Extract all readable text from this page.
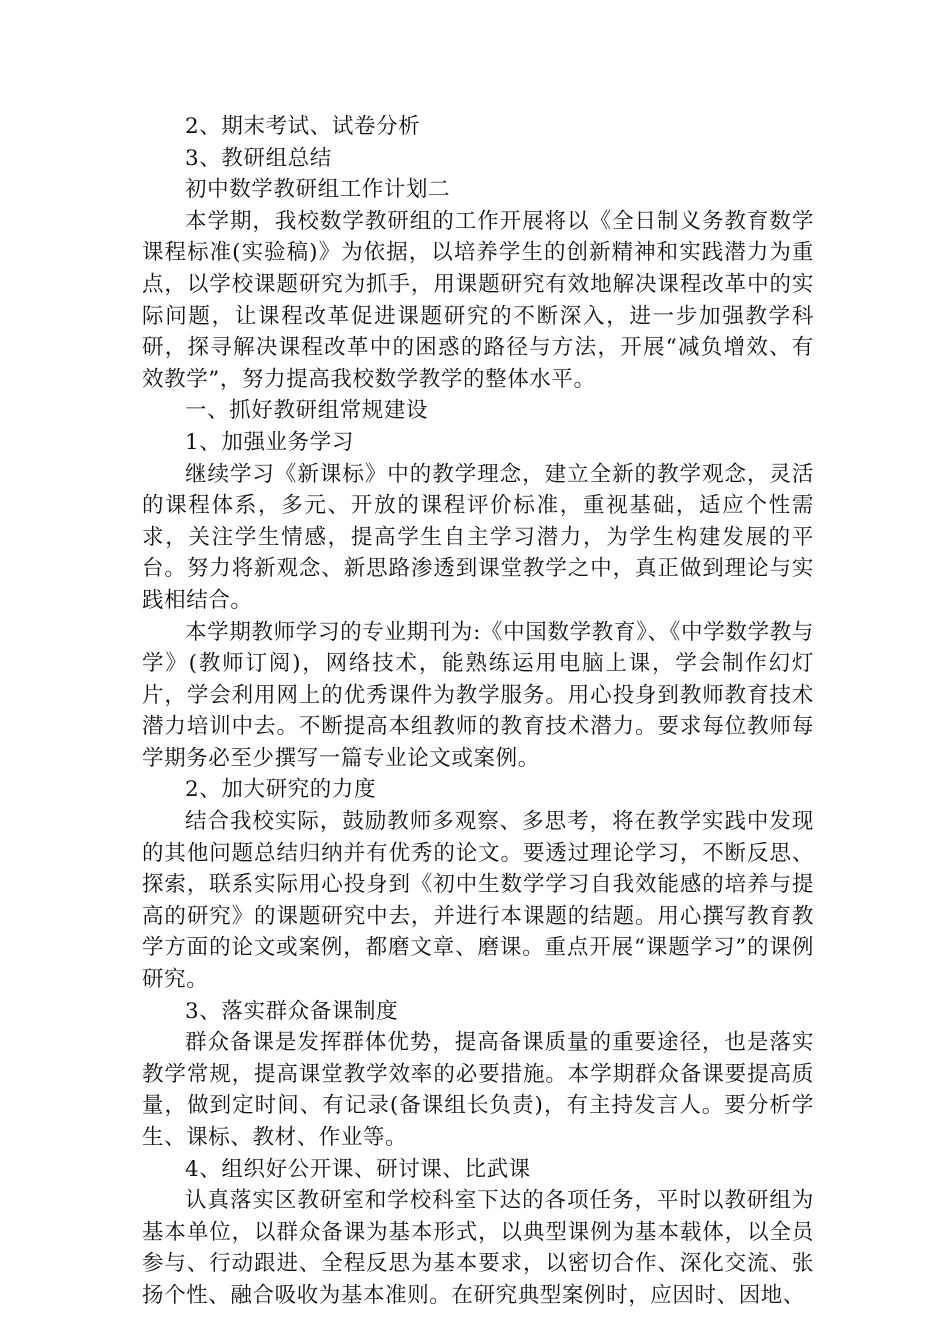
2、期末考试、试卷分析

3、教研组总结

初中数学教研组工作计划二

本学期，我校数学教研组的工作开展将以《全日制义务教育数学课程标准(实验稿)》为依据，以培养学生的创新精神和实践潜力为重点，以学校课题研究为抓手，用课题研究有效地解决课程改革中的实际问题，让课程改革促进课题研究的不断深入，进一步加强教学科研，探寻解决课程改革中的困惑的路径与方法，开展“减负增效、有效教学”，努力提高我校数学教学的整体水平。

一、抓好教研组常规建设

1、加强业务学习

继续学习《新课标》中的教学理念，建立全新的教学观念，灵活的课程体系，多元、开放的课程评价标准，重视基础，适应个性需求，关注学生情感，提高学生自主学习潜力，为学生构建发展的平台。努力将新观念、新思路渗透到课堂教学之中，真正做到理论与实践相结合。

本学期教师学习的专业期刊为:《中国数学教育》、《中学数学教与学》(教师订阅)，网络技术，能熟练运用电脑上课，学会制作幻灯片，学会利用网上的优秀课件为教学服务。用心投身到教师教育技术潜力培训中去。不断提高本组教师的教育技术潜力。要求每位教师每学期务必至少撰写一篇专业论文或案例。

2、加大研究的力度

结合我校实际，鼓励教师多观察、多思考，将在教学实践中发现的其他问题总结归纳并有优秀的论文。要透过理论学习，不断反思、探索，联系实际用心投身到《初中生数学学习自我效能感的培养与提高的研究》的课题研究中去，并进行本课题的结题。用心撰写教育教学方面的论文或案例，都磨文章、磨课。重点开展“课题学习”的课例研究。

3、落实群众备课制度

群众备课是发挥群体优势，提高备课质量的重要途径，也是落实教学常规，提高课堂教学效率的必要措施。本学期群众备课要提高质量，做到定时间、有记录(备课组长负责)，有主持发言人。要分析学生、课标、教材、作业等。

4、组织好公开课、研讨课、比武课

认真落实区教研室和学校科室下达的各项任务，平时以教研组为基本单位，以群众备课为基本形式，以典型课例为基本载体，以全员参与、行动跟进、全程反思为基本要求，以密切合作、深化交流、张扬个性、融合吸收为基本准则。在研究典型案例时，应因时、因地、
